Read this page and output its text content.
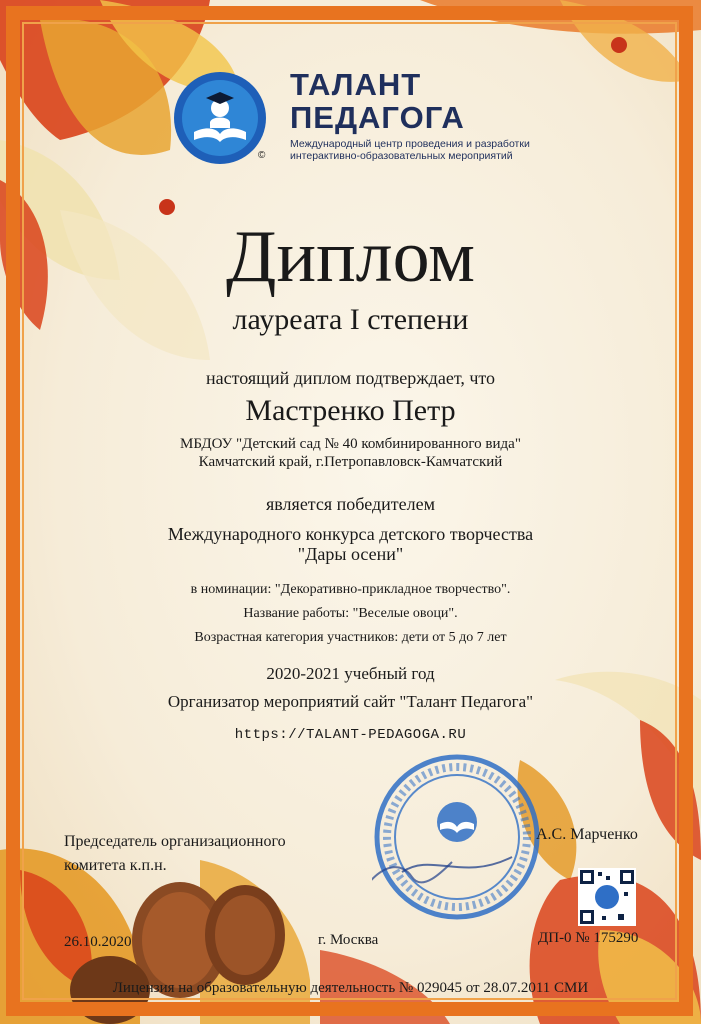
ТАЛАНТ
ПЕДАГОГА
Международный центр проведения и разработки
интерактивно-образовательных мероприятий
©
Диплом
лауреата I степени
настоящий диплом подтверждает, что
Мастренко Петр
МБДОУ "Детский сад № 40 комбинированного вида"
Камчатский край, г.Петропавловск-Камчатский
является победителем
Международного конкурса детского творчества
"Дары осени"
в номинации: "Декоративно-прикладное творчество".
Название работы: "Веселые овоци".
Возрастная категория участников: дети от 5 до 7 лет
2020-2021 учебный год
Организатор мероприятий сайт "Талант Педагога"
https://TALANT-PEDAGOGA.RU
Председатель организационного
комитета к.п.н.
А.С. Марченко
26.10.2020	г. Москва	ДП-0 № 175290
Лицензия на образовательную деятельность № 029045 от 28.07.2011 СМИ
